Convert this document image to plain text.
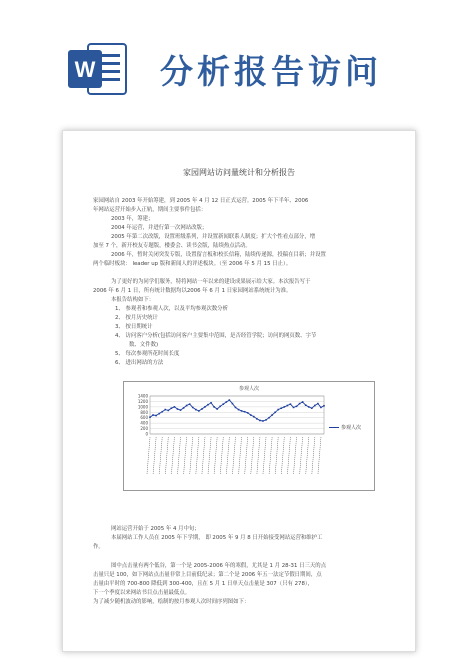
W 分析报告访问
家园网站访问量统计和分析报告
家园网站自 2003 年开始筹建，到 2005 年 4 月 12 日正式运营。2005 年下半年、2006
年网站运营开始步入正轨，期间主要事件包括：
2003 年，筹建；
2004 年运营，并进行第一次网站改版；
2005 年第二次改版，设置班级系列，并设置新闻联系人制度；扩大个性看点部分，增
加至 7 个，新开校友专题版，楼委会、读书会版，陆续热点活动。
2006 年，暂时关闭突发专版，设置留言板和校长信箱，陆续传递源，投稿在目新；并设置
两个临时板块： leader up 版和新闻人的评述板块。（至 2006 年 5 月 15 日止）。
为了更好的为同学们服务，特将网站一年以来的建设成果展示给大家。本次报告写于
2006 年 6 月 1 日，所有统计数据均以2006 年 6 月 1 日家园网站系统统计为准。
本报告结构如下：
1、 参观者和参观人次，以及平均参观次数分析
2、 按月历史统计
3、 按日期统计
4、 访问客户分析(包括访问客户主要集中范围，是否经管学院；访问的网页数、字节
数、文件数)
5、 每次参观所花时间长度
6、 进出网站的方法
参观人次
1400
1200
1000
800
600
400
200
0
参观人次
网站运营开始于 2005 年 4 月中旬；
本届网站工作人员在 2005 年下学期， 即 2005 年 9 月 8 日开始接受网站运营和维护工
作。
图中点击量有两个低谷，第一个是 2005-2006 年的寒假，尤其是 1 月 28-31 日三天的点
击量只是 100，如下网站点击量非常上目前低纪录；第二个是 2006 年五一法定节假日期间，点
击量由平时的 700-800 降低到 300-400，且在 5 月 1 日单天点击量是 307（只有 278），
下一个季度以来网站书目点击量最低点。
为了减少随机波动的影响，绘制的按月参观人次时间序列图如下：
